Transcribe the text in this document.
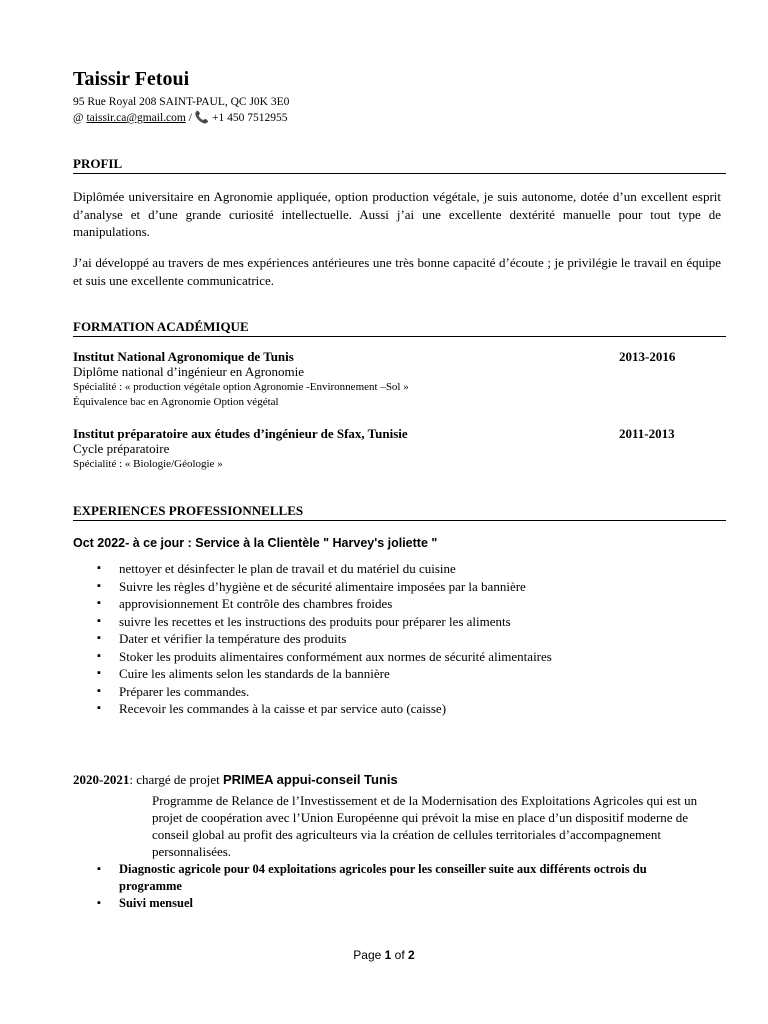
Taissir Fetoui
95 Rue Royal 208 SAINT-PAUL, QC J0K 3E0
@ taissir.ca@gmail.com / 📞 +1 450 7512955
PROFIL
Diplômée universitaire en Agronomie appliquée, option production végétale, je suis autonome, dotée d’un excellent esprit d’analyse et d’une grande curiosité intellectuelle. Aussi j’ai une excellente dextérité manuelle pour tout type de manipulations.
J’ai développé au travers de mes expériences antérieures une très bonne capacité d’écoute ; je privilégie le travail en équipe et suis une excellente communicatrice.
FORMATION ACADÉMIQUE
Institut National Agronomique de Tunis	2013-2016
Diplôme national d’ingénieur en Agronomie
Spécialité : « production végétale option Agronomie -Environnement –Sol »
Équivalence bac en Agronomie Option végétal
Institut préparatoire aux études d’ingénieur de Sfax, Tunisie	2011-2013
Cycle préparatoire
Spécialité : « Biologie/Géologie »
EXPERIENCES PROFESSIONNELLES
Oct 2022- à ce jour : Service à la Clientèle " Harvey's joliette "
▪ nettoyer et désinfecter le plan de travail et du matériel du cuisine
▪ Suivre les règles d’hygiène et de sécurité alimentaire imposées par la bannière
▪ approvisionnement Et contrôle des chambres froides
▪ suivre les recettes et les instructions des produits pour préparer les aliments
▪ Dater et vérifier la température des produits
▪ Stoker les produits alimentaires conformément aux normes de sécurité alimentaires
▪ Cuire les aliments selon les standards de la bannière
▪ Préparer les commandes.
▪ Recevoir les commandes à la caisse et par service auto (caisse)
2020-2021: chargé de projet PRIMEA appui-conseil Tunis
Programme de Relance de l’Investissement et de la Modernisation des Exploitations Agricoles qui est un projet de coopération avec l’Union Européenne qui prévoit la mise en place d’un dispositif moderne de conseil global au profit des agriculteurs via la création de cellules territoriales d’accompagnement personnalisées.
▪ Diagnostic agricole pour 04 exploitations agricoles pour les conseiller suite aux différents octrois du programme
▪ Suivi mensuel
Page 1 of 2
